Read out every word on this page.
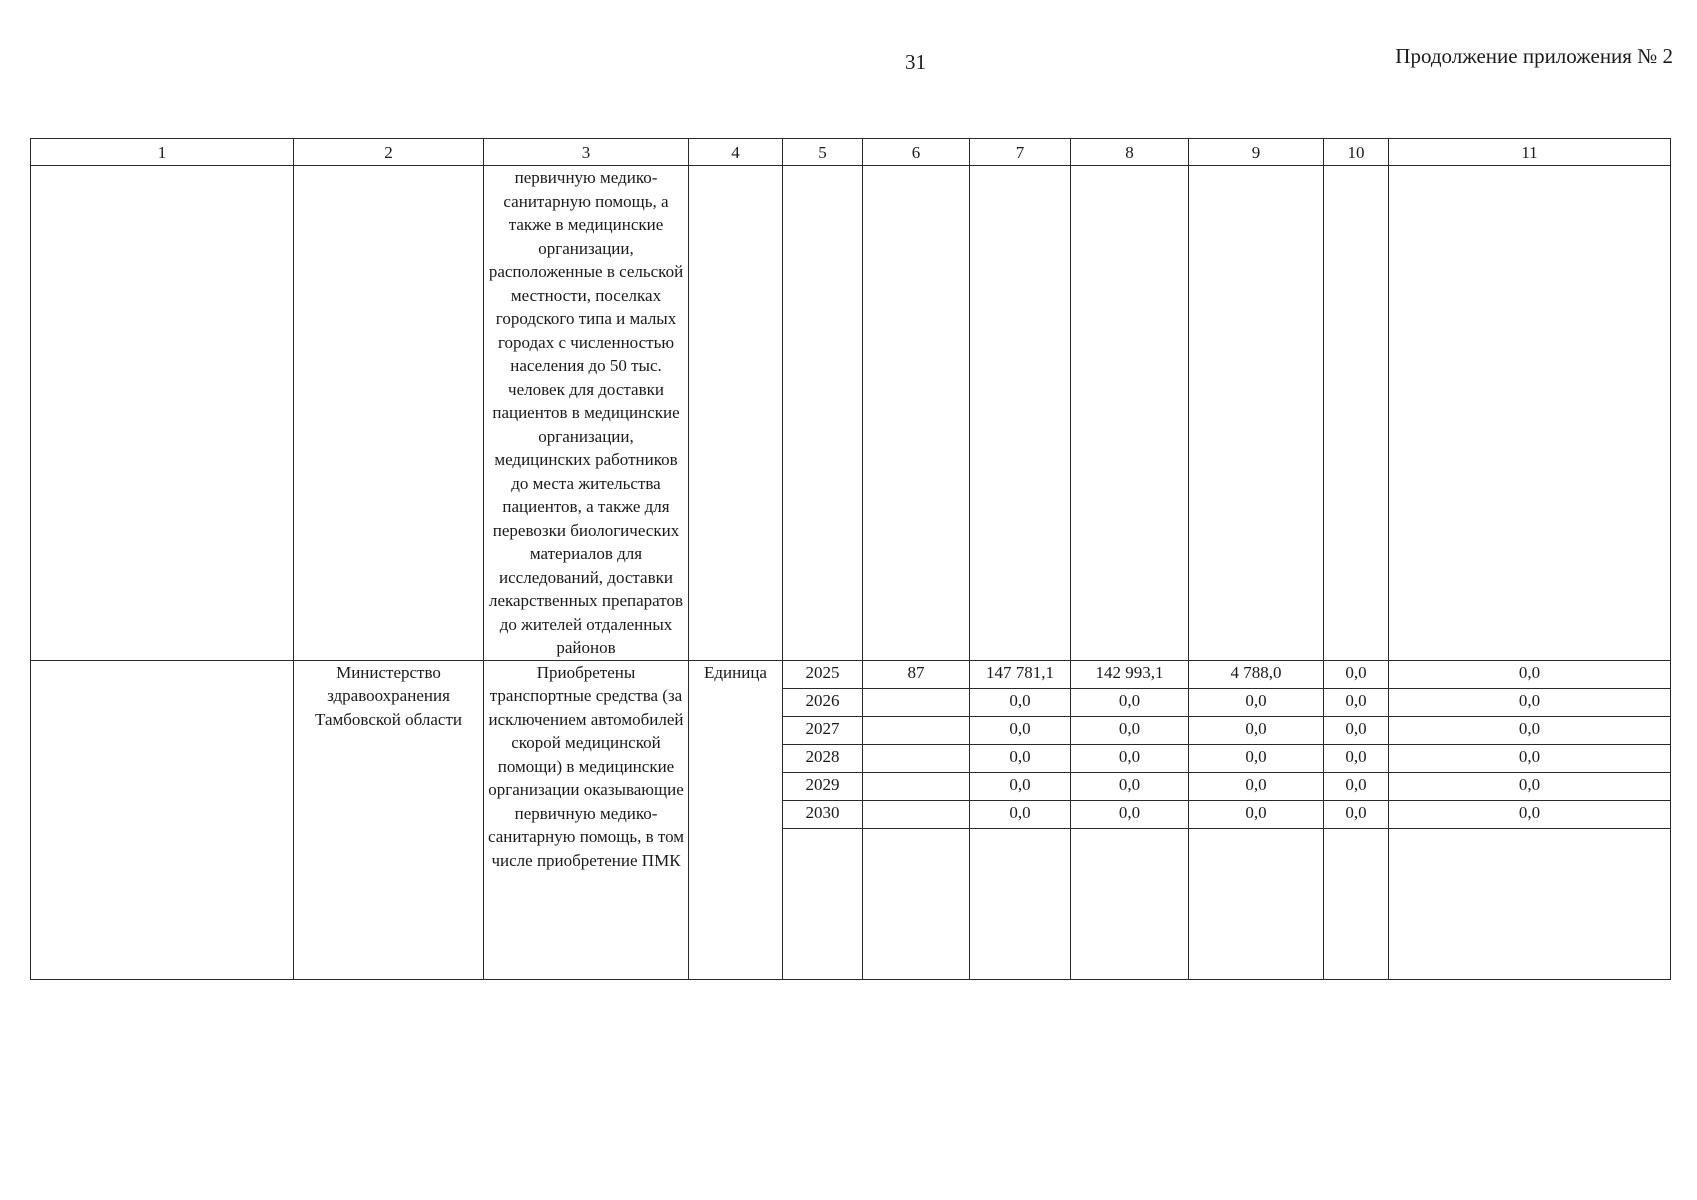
31	Продолжение приложения № 2
1	2	3	4	5	6	7	8	9	10	11
		первичную медико-санитарную помощь, а также в медицинские организации, расположенные в сельской местности, поселках городского типа и малых городах с численностью населения до 50 тыс. человек для доставки пациентов в медицинские организации, медицинских работников до места жительства пациентов, а также для перевозки биологических материалов для исследований, доставки лекарственных препаратов до жителей отдаленных районов								
	Министерство здравоохранения Тамбовской области	Приобретены транспортные средства (за исключением автомобилей скорой медицинской помощи) в медицинские организации оказывающие первичную медико-санитарную помощь, в том числе приобретение ПМК	Единица	2025	87	147 781,1	142 993,1	4 788,0	0,0	0,0
				2026		0,0	0,0	0,0	0,0	0,0
				2027		0,0	0,0	0,0	0,0	0,0
				2028		0,0	0,0	0,0	0,0	0,0
				2029		0,0	0,0	0,0	0,0	0,0
				2030		0,0	0,0	0,0	0,0	0,0
